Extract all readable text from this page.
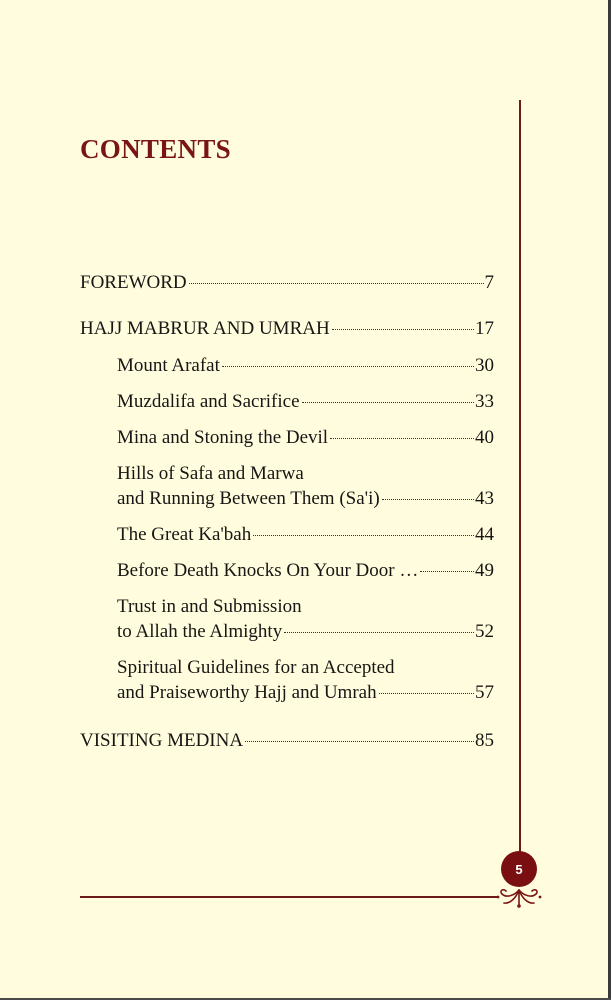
CONTENTS
FOREWORD	7
HAJJ MABRUR AND UMRAH	17
Mount Arafat	30
Muzdalifa and Sacrifice	33
Mina and Stoning the Devil	40
Hills of Safa and Marwa
and Running Between Them (Sa'i)	43
The Great Ka'bah	44
Before Death Knocks On Your Door …	49
Trust in and Submission
to Allah the Almighty	52
Spiritual Guidelines for an Accepted
and Praiseworthy Hajj and Umrah	57
VISITING MEDINA	85
5
